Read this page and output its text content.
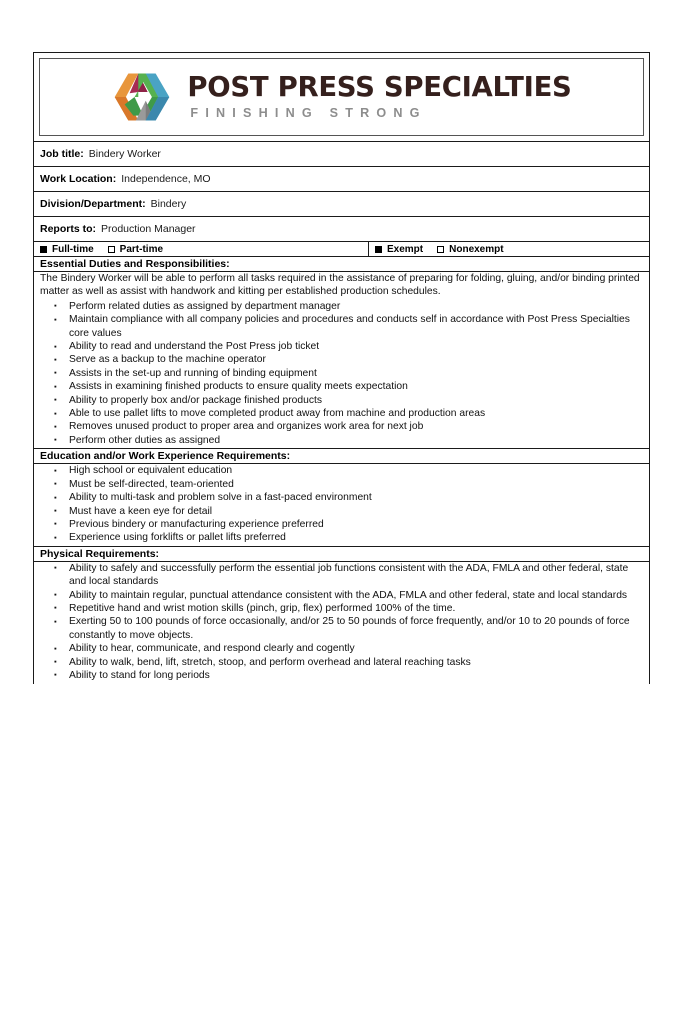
POST PRESS SPECIALTIES
FINISHING STRONG
Job title: Bindery Worker
Work Location: Independence, MO
Division/Department: Bindery
Reports to: Production Manager
Full-time	Part-time	Exempt	Nonexempt
Essential Duties and Responsibilities:

The Bindery Worker will be able to perform all tasks required in the assistance of preparing for folding, gluing, and/or binding printed matter as well as assist with handwork and kitting per established production schedules.

▪ Perform related duties as assigned by department manager
▪ Maintain compliance with all company policies and procedures and conducts self in accordance with Post Press Specialties core values
▪ Ability to read and understand the Post Press job ticket
▪ Serve as a backup to the machine operator
▪ Assists in the set-up and running of binding equipment
▪ Assists in examining finished products to ensure quality meets expectation
▪ Ability to properly box and/or package finished products
▪ Able to use pallet lifts to move completed product away from machine and production areas
▪ Removes unused product to proper area and organizes work area for next job
▪ Perform other duties as assigned
Education and/or Work Experience Requirements:
▪ High school or equivalent education
▪ Must be self-directed, team-oriented
▪ Ability to multi-task and problem solve in a fast-paced environment
▪ Must have a keen eye for detail
▪ Previous bindery or manufacturing experience preferred
▪ Experience using forklifts or pallet lifts preferred
Physical Requirements:
▪ Ability to safely and successfully perform the essential job functions consistent with the ADA, FMLA and other federal, state and local standards
▪ Ability to maintain regular, punctual attendance consistent with the ADA, FMLA and other federal, state and local standards
▪ Repetitive hand and wrist motion skills (pinch, grip, flex) performed 100% of the time.
▪ Exerting 50 to 100 pounds of force occasionally, and/or 25 to 50 pounds of force frequently, and/or 10 to 20 pounds of force constantly to move objects.
▪ Ability to hear, communicate, and respond clearly and cogently
▪ Ability to walk, bend, lift, stretch, stoop, and perform overhead and lateral reaching tasks
▪ Ability to stand for long periods
